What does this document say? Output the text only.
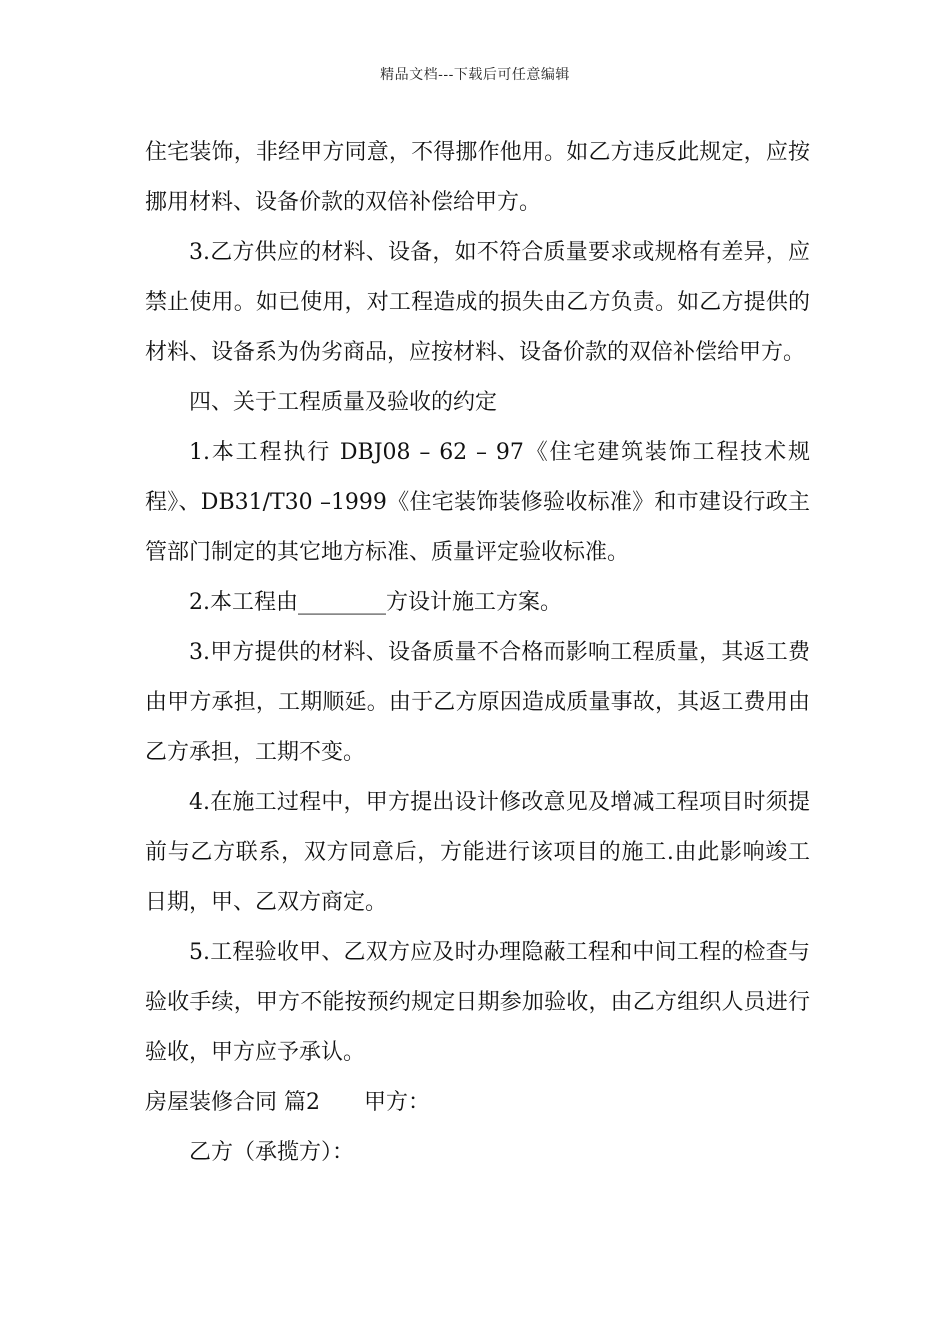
精品文档---下载后可任意编辑

住宅装饰，非经甲方同意，不得挪作他用。如乙方违反此规定，应按挪用材料、设备价款的双倍补偿给甲方。

3.乙方供应的材料、设备，如不符合质量要求或规格有差异，应禁止使用。如已使用，对工程造成的损失由乙方负责。如乙方提供的材料、设备系为伪劣商品，应按材料、设备价款的双倍补偿给甲方。

四、关于工程质量及验收的约定

1.本工程执行 DBJ08 – 62 – 97《住宅建筑装饰工程技术规程》、DB31/T30 –1999《住宅装饰装修验收标准》和市建设行政主管部门制定的其它地方标准、质量评定验收标准。

2.本工程由________方设计施工方案。

3.甲方提供的材料、设备质量不合格而影响工程质量，其返工费由甲方承担，工期顺延。由于乙方原因造成质量事故，其返工费用由乙方承担，工期不变。

4.在施工过程中，甲方提出设计修改意见及增减工程项目时须提前与乙方联系，双方同意后，方能进行该项目的施工.由此影响竣工日期，甲、乙双方商定。

5.工程验收甲、乙双方应及时办理隐蔽工程和中间工程的检查与验收手续，甲方不能按预约规定日期参加验收，由乙方组织人员进行验收，甲方应予承认。

房屋装修合同 篇2 甲方：

乙方（承揽方）：
